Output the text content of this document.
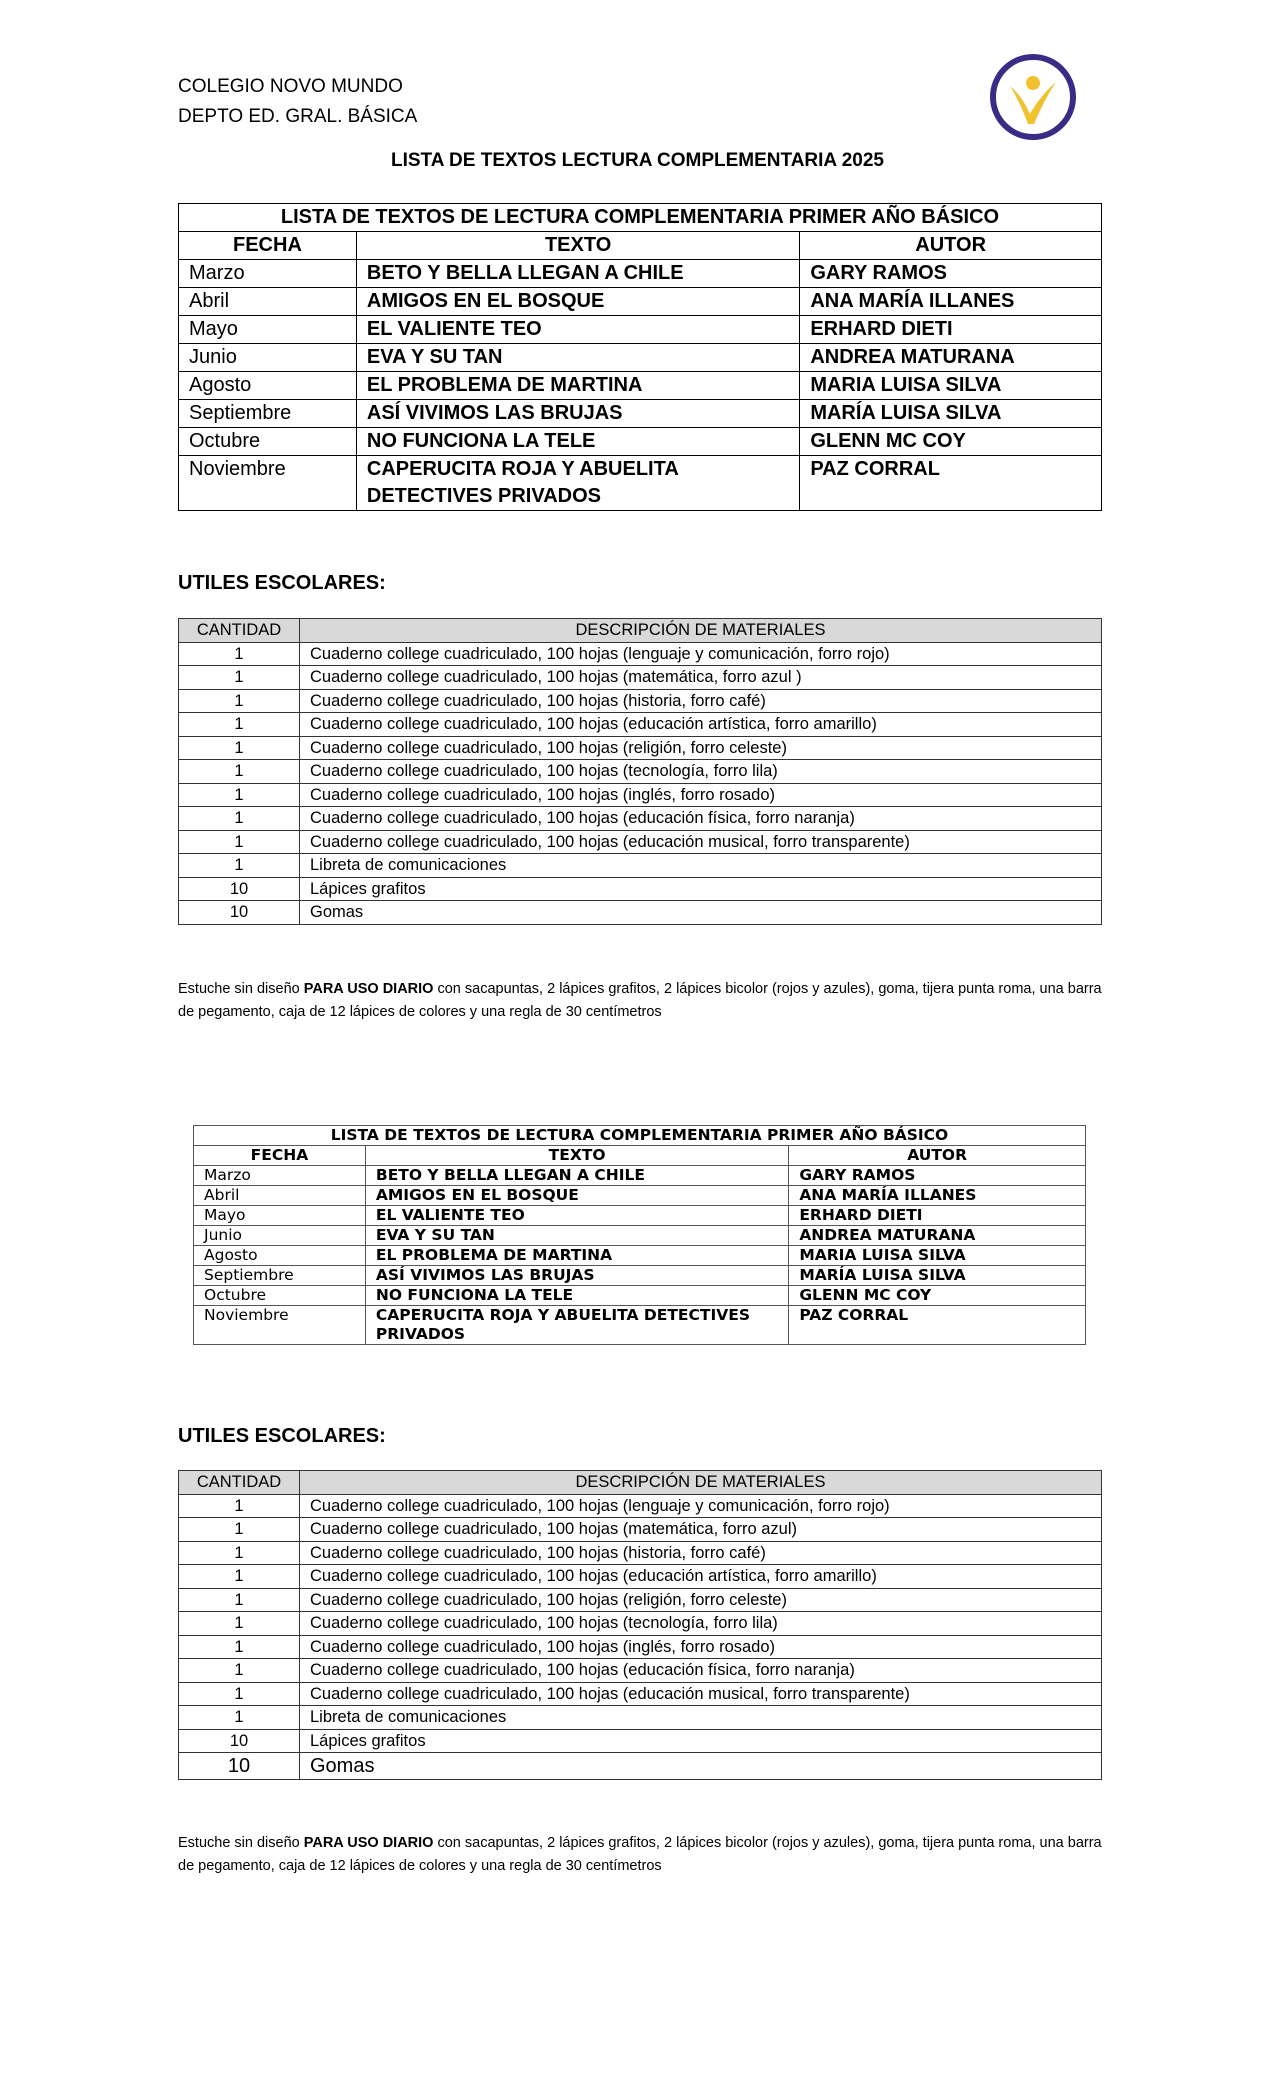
COLEGIO NOVO MUNDO
DEPTO ED. GRAL. BÁSICA
LISTA DE TEXTOS LECTURA COMPLEMENTARIA 2025
LISTA DE TEXTOS DE LECTURA COMPLEMENTARIA PRIMER AÑO BÁSICO		
FECHA	TEXTO	AUTOR
Marzo	BETO Y BELLA LLEGAN A CHILE	GARY RAMOS
Abril	AMIGOS EN EL BOSQUE	ANA MARÍA ILLANES
Mayo	EL VALIENTE TEO	ERHARD DIETI
Junio	EVA Y SU TAN	ANDREA MATURANA
Agosto	EL PROBLEMA DE MARTINA	MARIA LUISA SILVA
Septiembre	ASÍ VIVIMOS LAS BRUJAS	MARÍA LUISA SILVA
Octubre	NO FUNCIONA LA TELE	GLENN MC COY
Noviembre	CAPERUCITA ROJA Y ABUELITA DETECTIVES PRIVADOS	PAZ CORRAL
UTILES ESCOLARES:
CANTIDAD	DESCRIPCIÓN DE MATERIALES
1	Cuaderno college cuadriculado, 100 hojas (lenguaje y comunicación, forro rojo)
1	Cuaderno college cuadriculado, 100 hojas (matemática, forro azul )
1	Cuaderno college cuadriculado, 100 hojas (historia, forro café)
1	Cuaderno college cuadriculado, 100 hojas (educación artística, forro amarillo)
1	Cuaderno college cuadriculado, 100 hojas (religión, forro celeste)
1	Cuaderno college cuadriculado, 100 hojas (tecnología, forro lila)
1	Cuaderno college cuadriculado, 100 hojas (inglés, forro rosado)
1	Cuaderno college cuadriculado, 100 hojas (educación física, forro naranja)
1	Cuaderno college cuadriculado, 100 hojas (educación musical, forro transparente)
1	Libreta de comunicaciones
10	Lápices grafitos
10	Gomas
Estuche sin diseño PARA USO DIARIO con sacapuntas, 2 lápices grafitos, 2 lápices bicolor (rojos y azules), goma, tijera punta roma, una barra de pegamento, caja de 12 lápices de colores y una regla de 30 centímetros
LISTA DE TEXTOS DE LECTURA COMPLEMENTARIA PRIMER AÑO BÁSICO		
FECHA	TEXTO	AUTOR
Marzo	BETO Y BELLA LLEGAN A CHILE	GARY RAMOS
Abril	AMIGOS EN EL BOSQUE	ANA MARÍA ILLANES
Mayo	EL VALIENTE TEO	ERHARD DIETI
Junio	EVA Y SU TAN	ANDREA MATURANA
Agosto	EL PROBLEMA DE MARTINA	MARIA LUISA SILVA
Septiembre	ASÍ VIVIMOS LAS BRUJAS	MARÍA LUISA SILVA
Octubre	NO FUNCIONA LA TELE	GLENN MC COY
Noviembre	CAPERUCITA ROJA Y ABUELITA DETECTIVES PRIVADOS	PAZ CORRAL
UTILES ESCOLARES:
CANTIDAD	DESCRIPCIÓN DE MATERIALES
1	Cuaderno college cuadriculado, 100 hojas (lenguaje y comunicación, forro rojo)
1	Cuaderno college cuadriculado, 100 hojas (matemática, forro azul)
1	Cuaderno college cuadriculado, 100 hojas (historia, forro café)
1	Cuaderno college cuadriculado, 100 hojas (educación artística, forro amarillo)
1	Cuaderno college cuadriculado, 100 hojas (religión, forro celeste)
1	Cuaderno college cuadriculado, 100 hojas (tecnología, forro lila)
1	Cuaderno college cuadriculado, 100 hojas (inglés, forro rosado)
1	Cuaderno college cuadriculado, 100 hojas (educación física, forro naranja)
1	Cuaderno college cuadriculado, 100 hojas (educación musical, forro transparente)
1	Libreta de comunicaciones
10	Lápices grafitos
10	Gomas
Estuche sin diseño PARA USO DIARIO con sacapuntas, 2 lápices grafitos, 2 lápices bicolor (rojos y azules), goma, tijera punta roma, una barra de pegamento, caja de 12 lápices de colores y una regla de 30 centímetros
